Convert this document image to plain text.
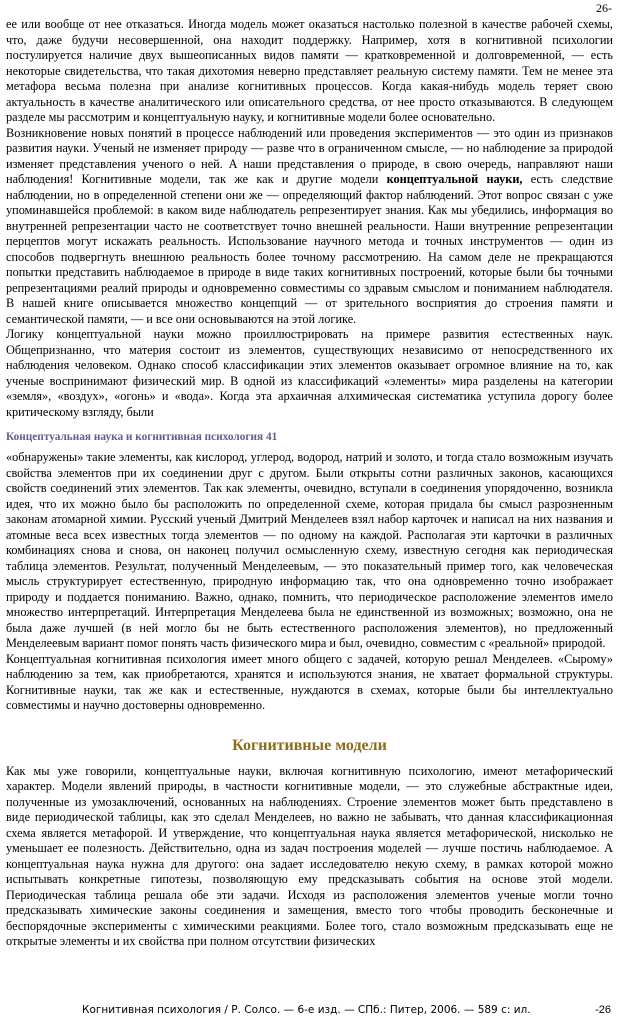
26-

ее или вообще от нее отказаться. Иногда модель может оказаться настолько полезной в качестве рабочей схемы, что, даже будучи несовершенной, она находит поддержку. Например, хотя в когнитивной психологии постулируется наличие двух вышеописанных видов памяти — кратковременной и долговременной, — есть некоторые свидетельства, что такая дихотомия неверно представляет реальную систему памяти. Тем не менее эта метафора весьма полезна при анализе когнитивных процессов. Когда какая-нибудь модель теряет свою актуальность в качестве аналитического или описательного средства, от нее просто отказываются. В следующем разделе мы рассмотрим и концептуальную науку, и когнитивные модели более основательно.

Возникновение новых понятий в процессе наблюдений или проведения экспериментов — это один из признаков развития науки. Ученый не изменяет природу — разве что в ограниченном смысле, — но наблюдение за природой изменяет представления ученого о ней. А наши представления о природе, в свою очередь, направляют наши наблюдения! Когнитивные модели, так же как и другие модели концептуальной науки, есть следствие наблюдении, но в определенной степени они же — определяющий фактор наблюдений. Этот вопрос связан с уже упоминавшейся проблемой: в каком виде наблюдатель репрезентирует знания. Как мы убедились, информация во внутренней репрезентации часто не соответствует точно внешней реальности. Наши внутренние репрезентации перцептов могут искажать реальность. Использование научного метода и точных инструментов — один из способов подвергнуть внешнюю реальность более точному рассмотрению. На самом деле не прекращаются попытки представить наблюдаемое в природе в виде таких когнитивных построений, которые были бы точными репрезентациями реалий природы и одновременно совместимы со здравым смыслом и пониманием наблюдателя. В нашей книге описывается множество концепций — от зрительного восприятия до строения памяти и семантической памяти, — и все они основываются на этой логике.

Логику концептуальной науки можно проиллюстрировать на примере развития естественных наук. Общепризнанно, что материя состоит из элементов, существующих независимо от непосредственного их наблюдения человеком. Однако способ классификации этих элементов оказывает огромное влияние на то, как ученые воспринимают физический мир. В одной из классификаций «элементы» мира разделены на категории «земля», «воздух», «огонь» и «вода». Когда эта архаичная алхимическая систематика уступила дорогу более критическому взгляду, были

Концептуальная наука и когнитивная психология 41

«обнаружены» такие элементы, как кислород, углерод, водород, натрий и золото, и тогда стало возможным изучать свойства элементов при их соединении друг с другом. Были открыты сотни различных законов, касающихся свойств соединений этих элементов. Так как элементы, очевидно, вступали в соединения упорядоченно, возникла идея, что их можно было бы расположить по определенной схеме, которая придала бы смысл разрозненным законам атомарной химии. Русский ученый Дмитрий Менделеев взял набор карточек и написал на них названия и атомные веса всех известных тогда элементов — по одному на каждой. Располагая эти карточки в различных комбинациях снова и снова, он наконец получил осмысленную схему, известную сегодня как периодическая таблица элементов. Результат, полученный Менделеевым, — это показательный пример того, как человеческая мысль структурирует естественную, природную информацию так, что она одновременно точно изображает природу и поддается пониманию. Важно, однако, помнить, что периодическое расположение элементов имело множество интерпретаций. Интерпретация Менделеева была не единственной из возможных; возможно, она не была даже лучшей (в ней могло бы не быть естественного расположения элементов), но предложенный Менделеевым вариант помог понять часть физического мира и был, очевидно, совместим с «реальной» природой.

Концептуальная когнитивная психология имеет много общего с задачей, которую решал Менделеев. «Сырому» наблюдению за тем, как приобретаются, хранятся и используются знания, не хватает формальной структуры. Когнитивные науки, так же как и естественные, нуждаются в схемах, которые были бы интеллектуально совместимы и научно достоверны одновременно.

Когнитивные модели

Как мы уже говорили, концептуальные науки, включая когнитивную психологию, имеют метафорический характер. Модели явлений природы, в частности когнитивные модели, — это служебные абстрактные идеи, полученные из умозаключений, основанных на наблюдениях. Строение элементов может быть представлено в виде периодической таблицы, как это сделал Менделеев, но важно не забывать, что данная классификационная схема является метафорой. И утверждение, что концептуальная наука является метафорической, нисколько не уменьшает ее полезность. Действительно, одна из задач построения моделей — лучше постичь наблюдаемое. А концептуальная наука нужна для другого: она задает исследователю некую схему, в рамках которой можно испытывать конкретные гипотезы, позволяющую ему предсказывать события на основе этой модели. Периодическая таблица решала обе эти задачи. Исходя из расположения элементов ученые могли точно предсказывать химические законы соединения и замещения, вместо того чтобы проводить бесконечные и беспорядочные эксперименты с химическими реакциями. Более того, стало возможным предсказывать еще не открытые элементы и их свойства при полном отсутствии физических

Когнитивная психология / Р. Солсо. — 6-е изд. — СПб.: Питер, 2006. — 589 с: ил.	-26
